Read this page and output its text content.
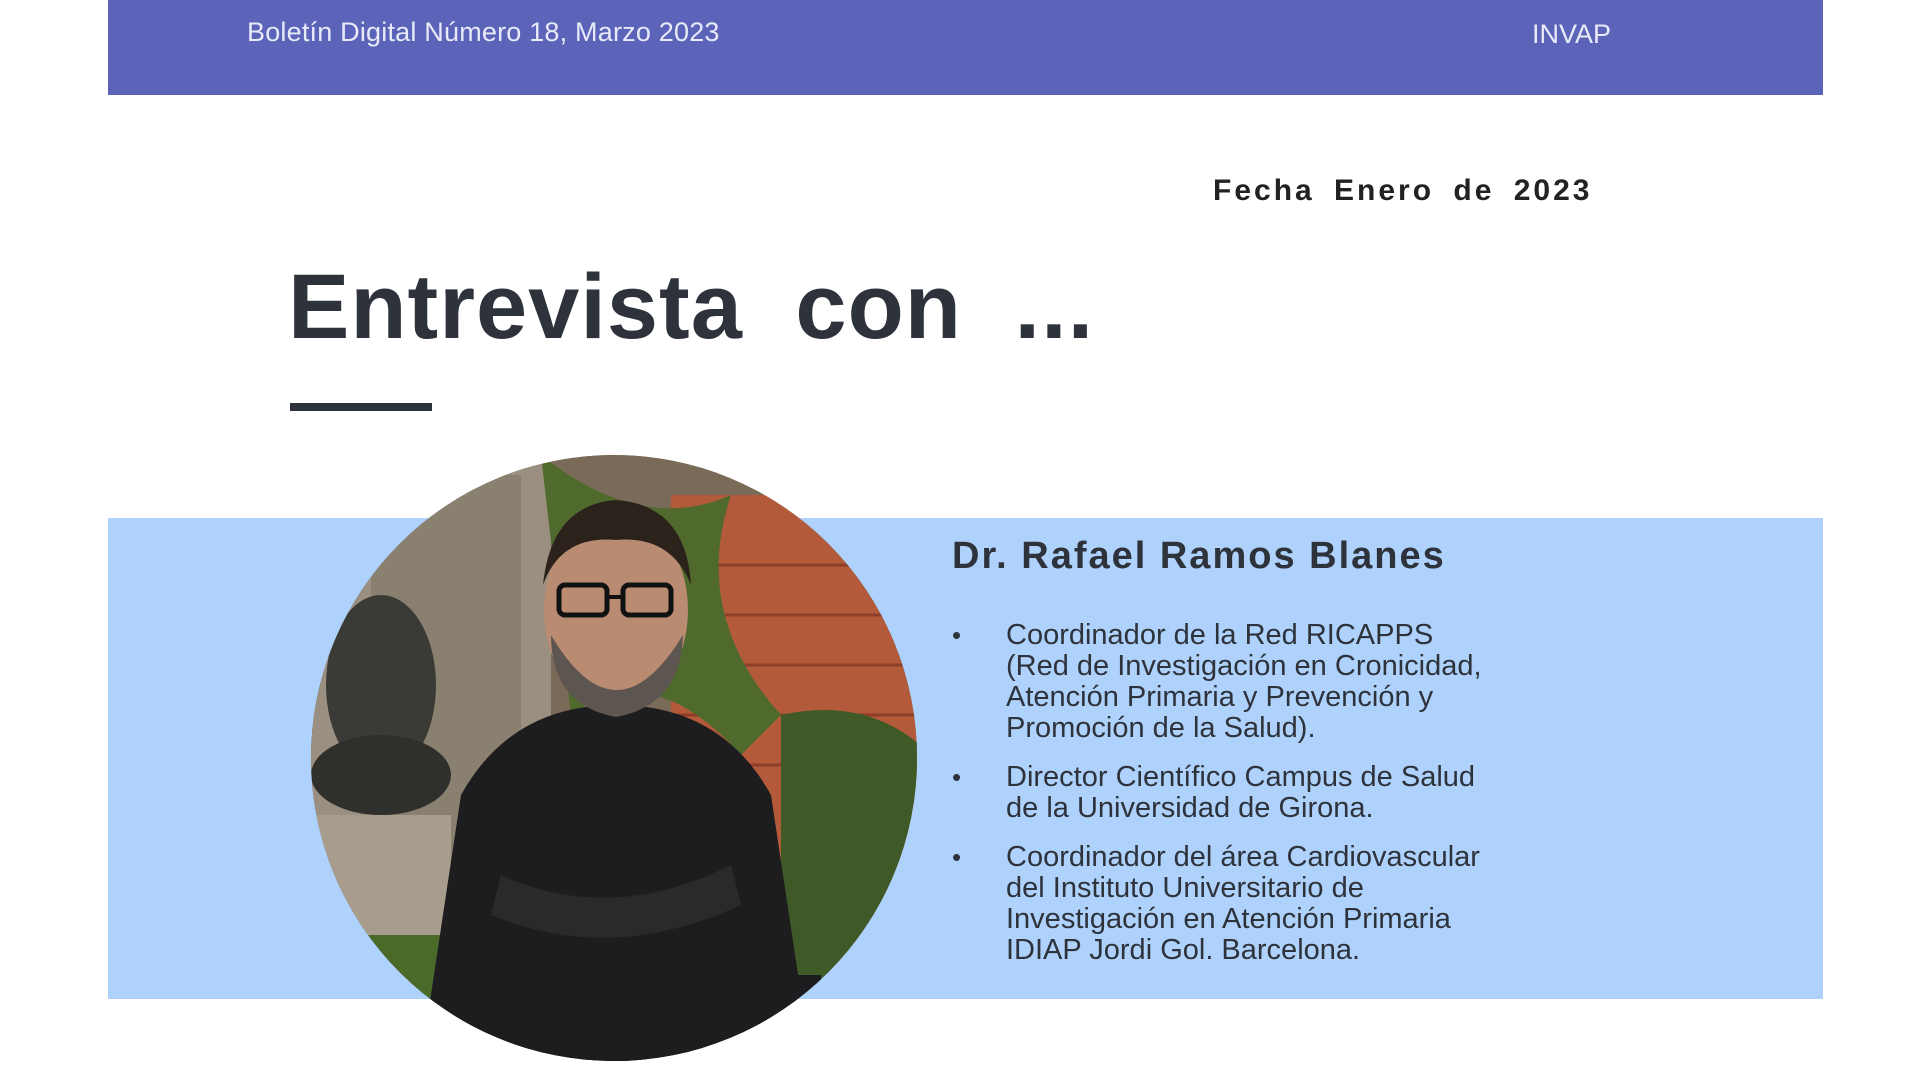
Boletín Digital Número 18, Marzo 2023	INVAP
Fecha Enero de 2023
Entrevista con ...
Dr. Rafael Ramos Blanes
• Coordinador de la Red RICAPPS
(Red de Investigación en Cronicidad,
Atención Primaria y Prevención y
Promoción de la Salud).
• Director Científico Campus de Salud
de la Universidad de Girona.
• Coordinador del área Cardiovascular
del Instituto Universitario de
Investigación en Atención Primaria
IDIAP Jordi Gol. Barcelona.
